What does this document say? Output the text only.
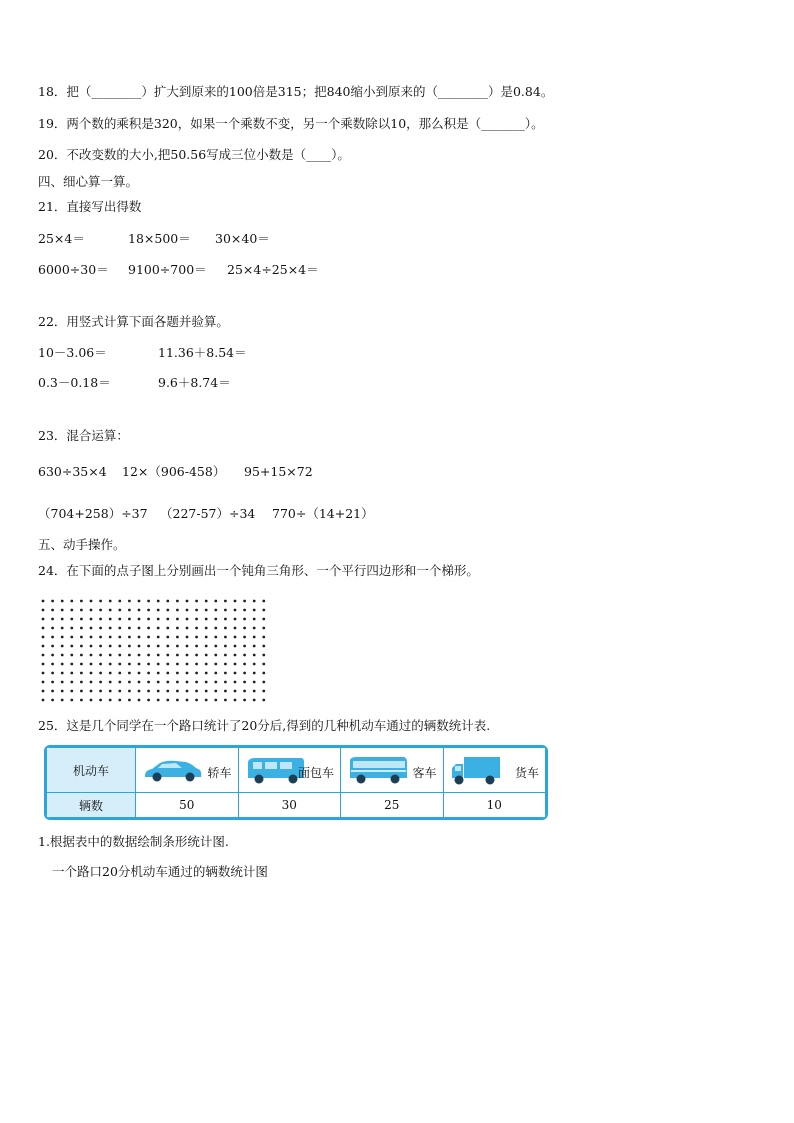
18．把（________）扩大到原来的100倍是315；把840缩小到原来的（________）是0.84。
19．两个数的乘积是320，如果一个乘数不变，另一个乘数除以10，那么积是（_______）。
20．不改变数的大小,把50.56写成三位小数是（____）。
四、细心算一算。
21．直接写出得数
25×4＝	18×500＝ 30×40＝
6000÷30＝ 9100÷700＝ 25×4÷25×4＝
22．用竖式计算下面各题并验算。
10－3.06＝	11.36＋8.54＝
0.3－0.18＝	9.6＋8.74＝
23．混合运算：
630÷35×4 12×（906-458） 95+15×72
（704+258）÷37 （227-57）÷34 770÷（14+21）
五、动手操作。
24．在下面的点子图上分别画出一个钝角三角形、一个平行四边形和一个梯形。
25．这是几个同学在一个路口统计了20分后,得到的几种机动车通过的辆数统计表.
机动车	轿车	面包车	客车	货车

辆数	50	30	25	10
1.根据表中的数据绘制条形统计图.
一个路口20分机动车通过的辆数统计图
